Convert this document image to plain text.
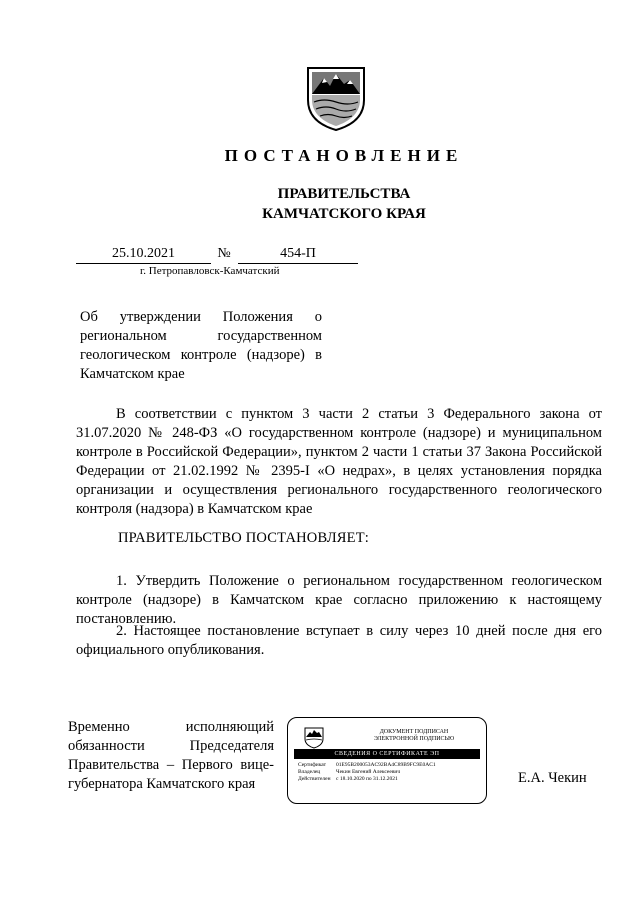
ПОСТАНОВЛЕНИЕ
ПРАВИТЕЛЬСТВА
КАМЧАТСКОГО КРАЯ
25.10.2021	№	454-П
г. Петропавловск-Камчатский
Об утверждении Положения о региональном государственном геологическом контроле (надзоре) в Камчатском крае
В соответствии с пунктом 3 части 2 статьи 3 Федерального закона от 31.07.2020 № 248-ФЗ «О государственном контроле (надзоре) и муниципальном контроле в Российской Федерации», пунктом 2 части 1 статьи 37 Закона Российской Федерации от 21.02.1992 № 2395-I «О недрах», в целях установления порядка организации и осуществления регионального государственного геологического контроля (надзора) в Камчатском крае
ПРАВИТЕЛЬСТВО ПОСТАНОВЛЯЕТ:
1. Утвердить Положение о региональном государственном геологическом контроле (надзоре) в Камчатском крае согласно приложению к настоящему постановлению.
2. Настоящее постановление вступает в силу через 10 дней после дня его официального опубликования.
Временно исполняющий
обязанности Председателя
Правительства – Первого вице-
губернатора Камчатского края
ДОКУМЕНТ ПОДПИСАН
ЭЛЕКТРОННОЙ ПОДПИСЬЮ
СВЕДЕНИЯ О СЕРТИФИКАТЕ ЭП
Сертификат 01E95B200053AC92BA4C89B9FC9E0AC1
Владелец	Чекин Евгений Алексеевич
Действителен с 18.10.2020 по 31.12.2021	Е.А. Чекин
